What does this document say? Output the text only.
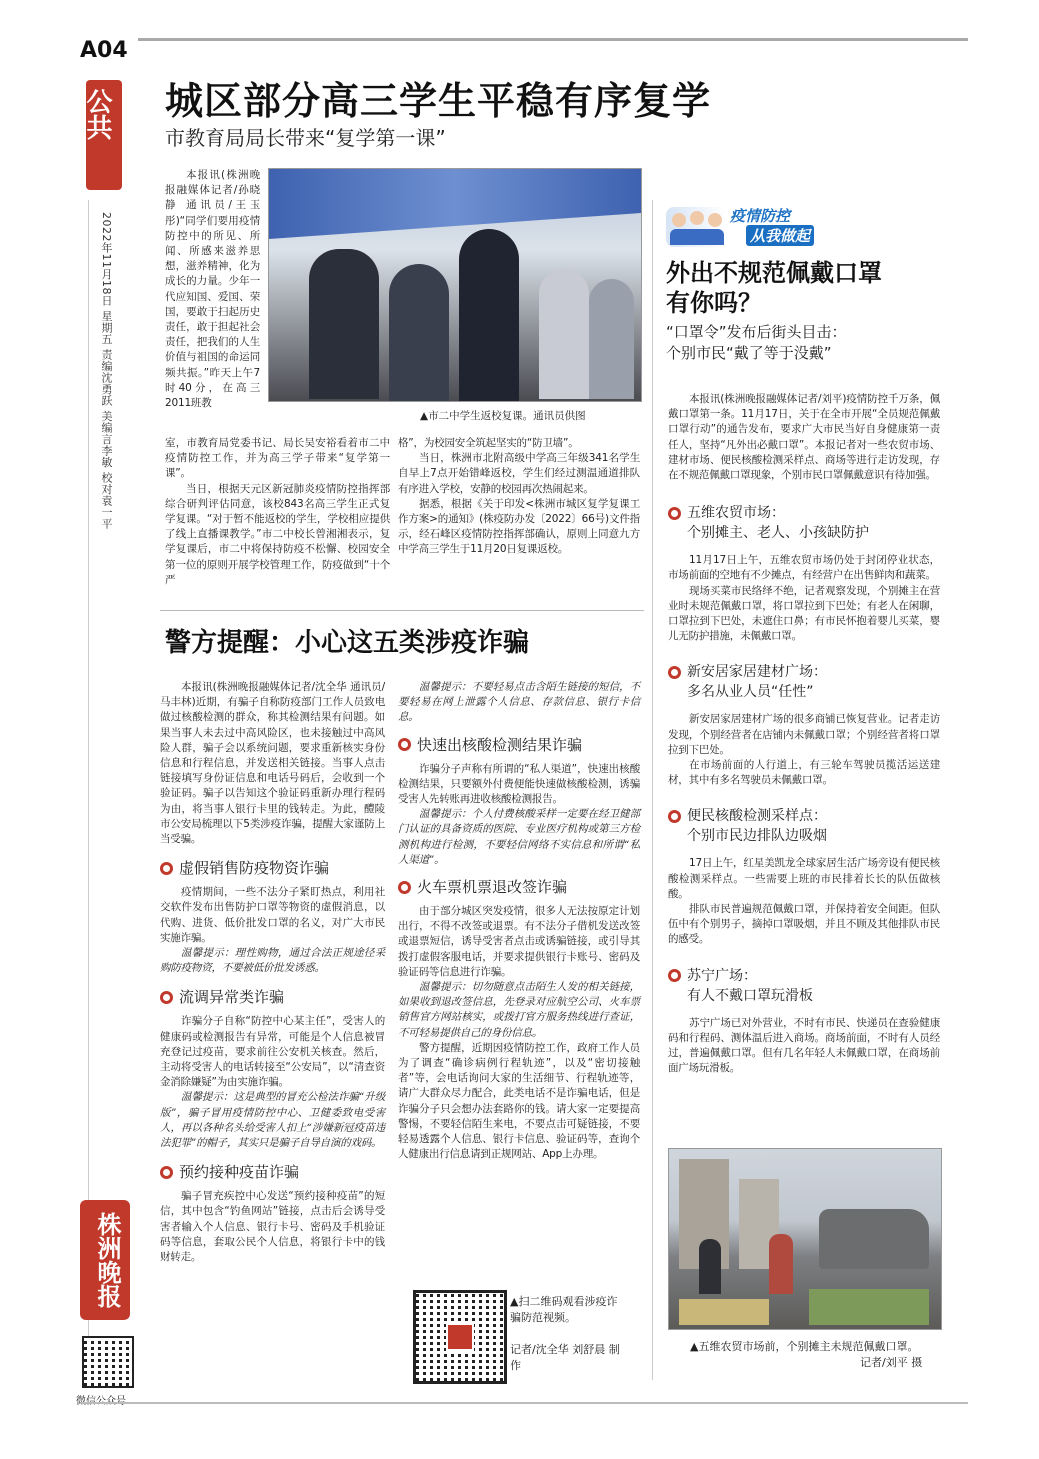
A04
公共
2022年11月18日 星期五 责编沈勇跃 美编言李敏 校对袁一平
株洲晚报
微信公众号
城区部分高三学生平稳有序复学
市教育局局长带来“复学第一课”

本报讯(株洲晚报融媒体记者/孙晓静 通讯员/王玉彤)“同学们要用疫情防控中的所见、所闻、所感来滋养思想，滋养精神，化为成长的力量。少年一代应知国、爱国、荣国，要敢于扫起历史责任，敢于担起社会责任，把我们的人生价值与祖国的命运同频共振。”昨天上午7时40分，在高三2011班教

▲市二中学生返校复课。通讯员供图

室，市教育局党委书记、局长吴安裕看着市二中疫情防控工作，并为高三学子带来“复学第一课”。

当日，根据天元区新冠肺炎疫情防控指挥部综合研判评估同意，该校843名高三学生正式复学复课。“对于暂不能返校的学生，学校相应提供了线上直播课教学。”市二中校长曾湘湘表示，复学复课后，市二中将保持防疫不松懈、校园安全第一位的原则开展学校管理工作，防疫做到“十个严

格”，为校园安全筑起坚实的“防卫墙”。

当日，株洲市北附高级中学高三年级341名学生自早上7点开始错峰返校，学生们经过测温通道排队有序进入学校，安静的校园再次热闹起来。

据悉，根据《关于印发<株洲市城区复学复课工作方案>的通知》(株疫防办发〔2022〕66号)文件指示，经石峰区疫情防控指挥部确认，原则上同意九方中学高三学生于11月20日复课返校。

警方提醒：小心这五类涉疫诈骗

本报讯(株洲晚报融媒体记者/沈全华 通讯员/马丰林)近期，有骗子自称防疫部门工作人员致电做过核酸检测的群众，称其检测结果有问题。如果当事人未去过中高风险区，也未接触过中高风险人群，骗子会以系统问题，要求重新核实身份信息和行程信息，并发送相关链接。当事人点击链接填写身份证信息和电话号码后，会收到一个验证码。骗子以告知这个验证码重新办理行程码为由，将当事人银行卡里的钱转走。为此，醴陵市公安局梳理以下5类涉疫诈骗，提醒大家谨防上当受骗。

虚假销售防疫物资诈骗

疫情期间，一些不法分子紧盯热点，利用社交软件发布出售防护口罩等物资的虚假消息，以代购、进货、低价批发口罩的名义，对广大市民实施诈骗。

温馨提示：理性购物，通过合法正规途径采购防疫物资，不要被低价批发诱惑。

流调异常类诈骗

诈骗分子自称“防控中心某主任”，受害人的健康码或检测报告有异常，可能是个人信息被冒充登记过疫苗，要求前往公安机关核查。然后，主动将受害人的电话转接至“公安局”，以“清查资金消除嫌疑”为由实施诈骗。

温馨提示：这是典型的冒充公检法诈骗“升级版”，骗子冒用疫情防控中心、卫健委致电受害人，再以各种名头给受害人扣上“涉嫌新冠疫苗违法犯罪”的帽子，其实只是骗子自导自演的戏码。

预约接种疫苗诈骗

骗子冒充疾控中心发送“预约接种疫苗”的短信，其中包含“钓鱼网站”链接，点击后会诱导受害者输入个人信息、银行卡号、密码及手机验证码等信息，套取公民个人信息，将银行卡中的钱财转走。

温馨提示：不要轻易点击含陌生链接的短信，不要轻易在网上泄露个人信息、存款信息、银行卡信息。

快速出核酸检测结果诈骗

诈骗分子声称有所谓的“私人渠道”，快速出核酸检测结果，只要额外付费便能快速做核酸检测，诱骗受害人先转账再进收核酸检测报告。

温馨提示：个人付费核酸采样一定要在经卫健部门认证的具备资质的医院、专业医疗机构或第三方检测机构进行检测，不要轻信网络不实信息和所谓“私人渠道”。

火车票机票退改签诈骗

由于部分城区突发疫情，很多人无法按原定计划出行，不得不改签或退票。有不法分子借机发送改签或退票短信，诱导受害者点击或诱骗链接，或引导其拨打虚假客服电话，并要求提供银行卡账号、密码及验证码等信息进行诈骗。

温馨提示：切勿随意点击陌生人发的相关链接，如果收到退改签信息，先登录对应航空公司、火车票销售官方网站核实，或拨打官方服务热线进行查证，不可轻易提供自己的身份信息。

警方提醒，近期因疫情防控工作，政府工作人员为了调查“确诊病例行程轨迹”，以及“密切接触者”等，会电话询问大家的生活细节、行程轨迹等，请广大群众尽力配合，此类电话不是诈骗电话，但是诈骗分子只会想办法套路你的钱。请大家一定要提高警惕，不要轻信陌生来电，不要点击可疑链接，不要轻易透露个人信息、银行卡信息、验证码等，查询个人健康出行信息请到正规网站、App上办理。

▲扫二维码观看涉疫诈骗防范视频。
记者/沈全华 刘舒晨 制作
疫情防控
从我做起
外出不规范佩戴口罩
有你吗？
“口罩令”发布后街头目击：
个别市民“戴了等于没戴”

本报讯(株洲晚报融媒体记者/刘平)疫情防控千万条，佩戴口罩第一条。11月17日，关于在全市开展“全员规范佩戴口罩行动”的通告发布，要求广大市民当好自身健康第一责任人，坚持“凡外出必戴口罩”。本报记者对一些农贸市场、建材市场、便民核酸检测采样点、商场等进行走访发现，存在不规范佩戴口罩现象，个别市民口罩佩戴意识有待加强。

五维农贸市场：
个别摊主、老人、小孩缺防护

11月17日上午，五维农贸市场仍处于封闭停业状态，市场前面的空地有不少摊点，有经营户在出售鲜肉和蔬菜。

现场买菜市民络绎不绝，记者观察发现，个别摊主在营业时未规范佩戴口罩，将口罩拉到下巴处；有老人在闲聊，口罩拉到下巴处，未遮住口鼻；有市民怀抱着婴儿买菜，婴儿无防护措施，未佩戴口罩。

新安居家居建材广场：
多名从业人员“任性”

新安居家居建材广场的很多商铺已恢复营业。记者走访发现，个别经营者在店铺内未佩戴口罩；个别经营者将口罩拉到下巴处。

在市场前面的人行道上，有三轮车驾驶员揽活运送建材，其中有多名驾驶员未佩戴口罩。

便民核酸检测采样点：
个别市民边排队边吸烟

17日上午，红星美凯龙全球家居生活广场旁设有便民核酸检测采样点。一些需要上班的市民排着长长的队伍做核酸。

排队市民普遍规范佩戴口罩，并保持着安全间距。但队伍中有个别男子，摘掉口罩吸烟，并且不顾及其他排队市民的感受。

苏宁广场：
有人不戴口罩玩滑板

苏宁广场已对外营业，不时有市民、快递员在查验健康码和行程码、测体温后进入商场。商场前面，不时有人员经过，普遍佩戴口罩。但有几名年轻人未佩戴口罩，在商场前面广场玩滑板。

▲五维农贸市场前，个别摊主未规范佩戴口罩。
记者/刘平 摄
